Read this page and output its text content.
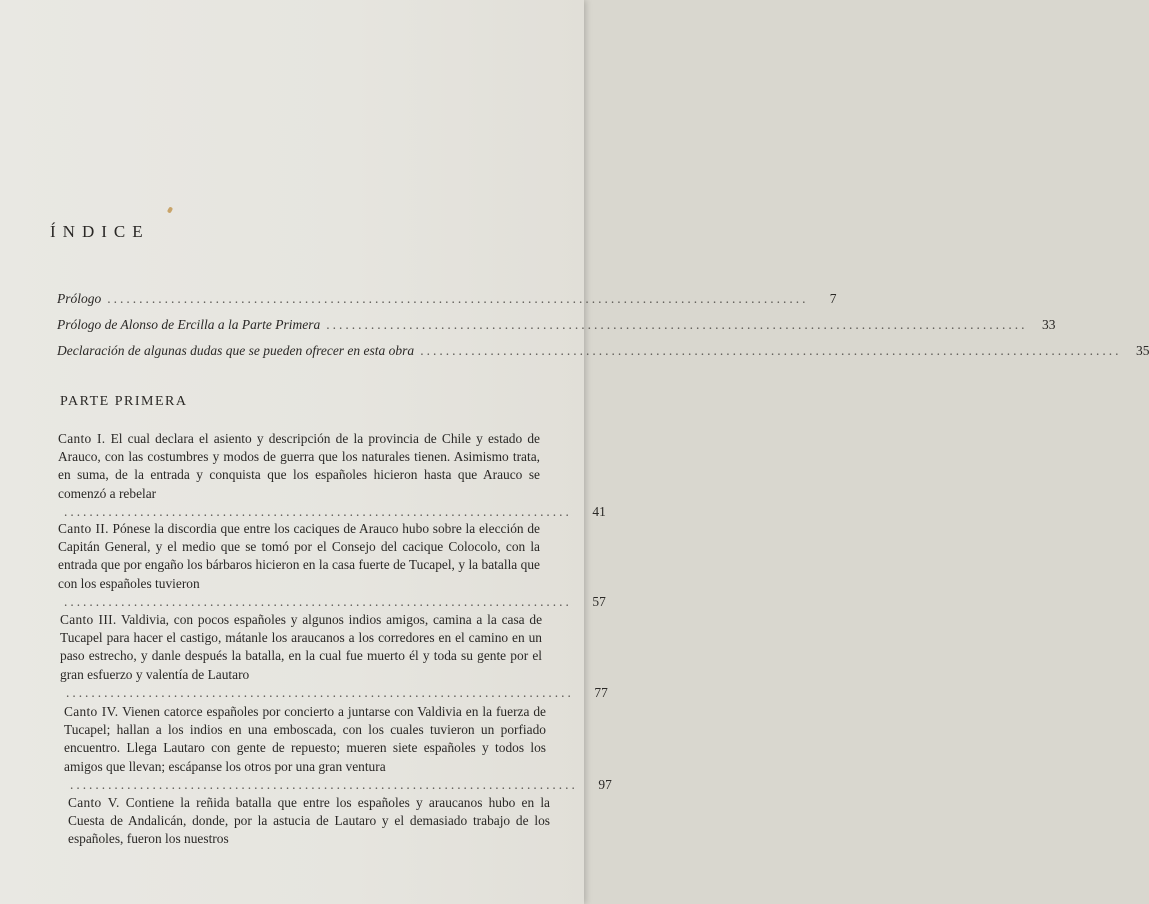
ÍNDICE
Prólogo ..............................................................................................................	7
Prólogo de Alonso de Ercilla a la Parte Primera ..............................................................................................................	33
Declaración de algunas dudas que se pueden ofrecer en esta obra ..............................................................................................................	35
PARTE PRIMERA
Canto I. El cual declara el asiento y descripción de la provincia de Chile y estado de Arauco, con las costumbres y modos de guerra que los naturales tienen. Asimismo trata, en suma, de la entrada y conquista que los españoles hicieron hasta que Arauco se comenzó a rebelar
................................................................................	41
Canto II. Pónese la discordia que entre los caciques de Arauco hubo sobre la elección de Capitán General, y el medio que se tomó por el Consejo del cacique Colocolo, con la entrada que por engaño los bárbaros hicieron en la casa fuerte de Tucapel, y la batalla que con los españoles tuvieron
................................................................................	57
Canto III. Valdivia, con pocos españoles y algunos indios amigos, camina a la casa de Tucapel para hacer el castigo, mátanle los araucanos a los corredores en el camino en un paso estrecho, y danle después la batalla, en la cual fue muerto él y toda su gente por el gran esfuerzo y valentía de Lautaro
................................................................................	77
Canto IV. Vienen catorce españoles por concierto a juntarse con Valdivia en la fuerza de Tucapel; hallan a los indios en una emboscada, con los cuales tuvieron un porfiado encuentro. Llega Lautaro con gente de repuesto; mueren siete españoles y todos los amigos que llevan; escápanse los otros por una gran ventura
................................................................................	97
Canto V. Contiene la reñida batalla que entre los españoles y araucanos hubo en la Cuesta de Andalicán, donde, por la astucia de Lautaro y el demasiado trabajo de los españoles, fueron los nuestros
